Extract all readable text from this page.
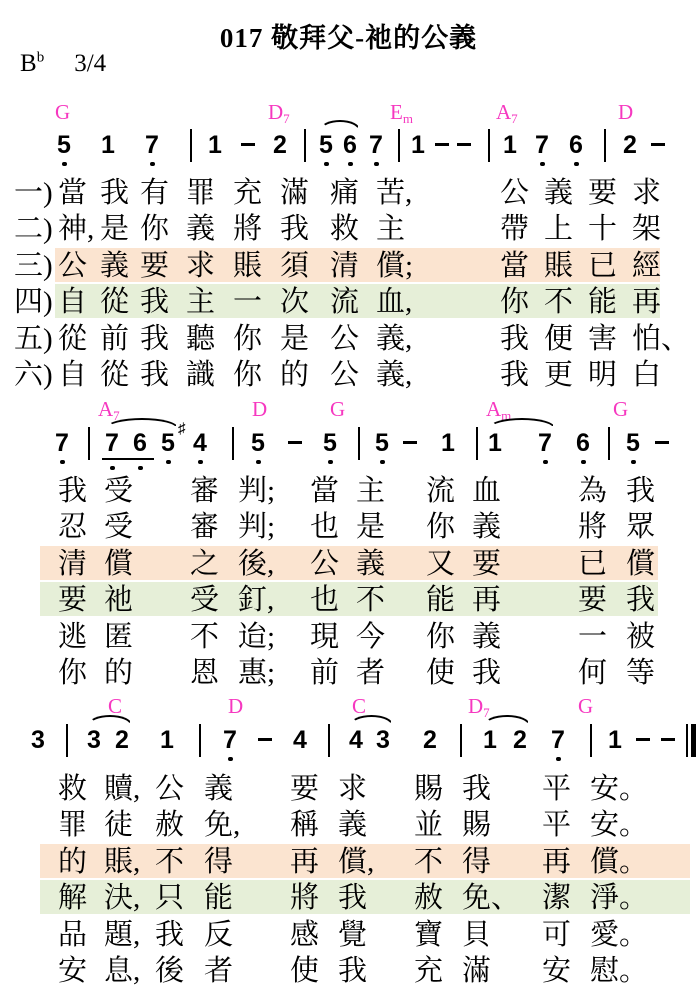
017 敬拜父-祂的公義
$B^b$ 3/4
G	$D_7$	$E_m$	$A_7$	D
5 1 7 1 2 5 6 7 1	1 7 6 2
$A_7$	D	G	$A_m$	G
7 7 6 5
♯
4 5 5 5 1 1 7 6 5
C	D	C	$D_7$	G
3 3 2 1 7 4 4 3 2 1 2 7 1
一) 當 我 有 罪 充 滿 痛 苦,	公 義 要 求
二) 神, 是 你 義 將 我 救 主	帶 上 十 架
三) 公 義 要 求 賬 須 清 償;	當 賬 已 經
四) 自 從 我 主 一 次 流 血,	你 不 能 再
五) 從 前 我 聽 你 是 公 義,	我 便 害 怕、
六) 自 從 我 識 你 的 公 義,	我 更 明 白
我 受 審 判; 當 主 流 血	為 我
忍 受 審 判; 也 是 你 義	將 眾
清 償 之 後, 公 義 又 要	已 償
要 祂 受 釘, 也 不 能 再	要 我
逃 匿 不 迨; 現 今 你 義	一 被
你 的 恩 惠; 前 者 使 我	何 等
救 贖, 公 義 要 求 賜 我 平 安。
罪 徒 赦 免, 稱 義 並 賜 平 安。
的 賬, 不 得 再 償, 不 得 再 償。
解 決, 只 能 將 我 赦 免、 潔 淨。
品 題, 我 反 感 覺 寶 貝 可 愛。
安 息, 後 者 使 我 充 滿 安 慰。
